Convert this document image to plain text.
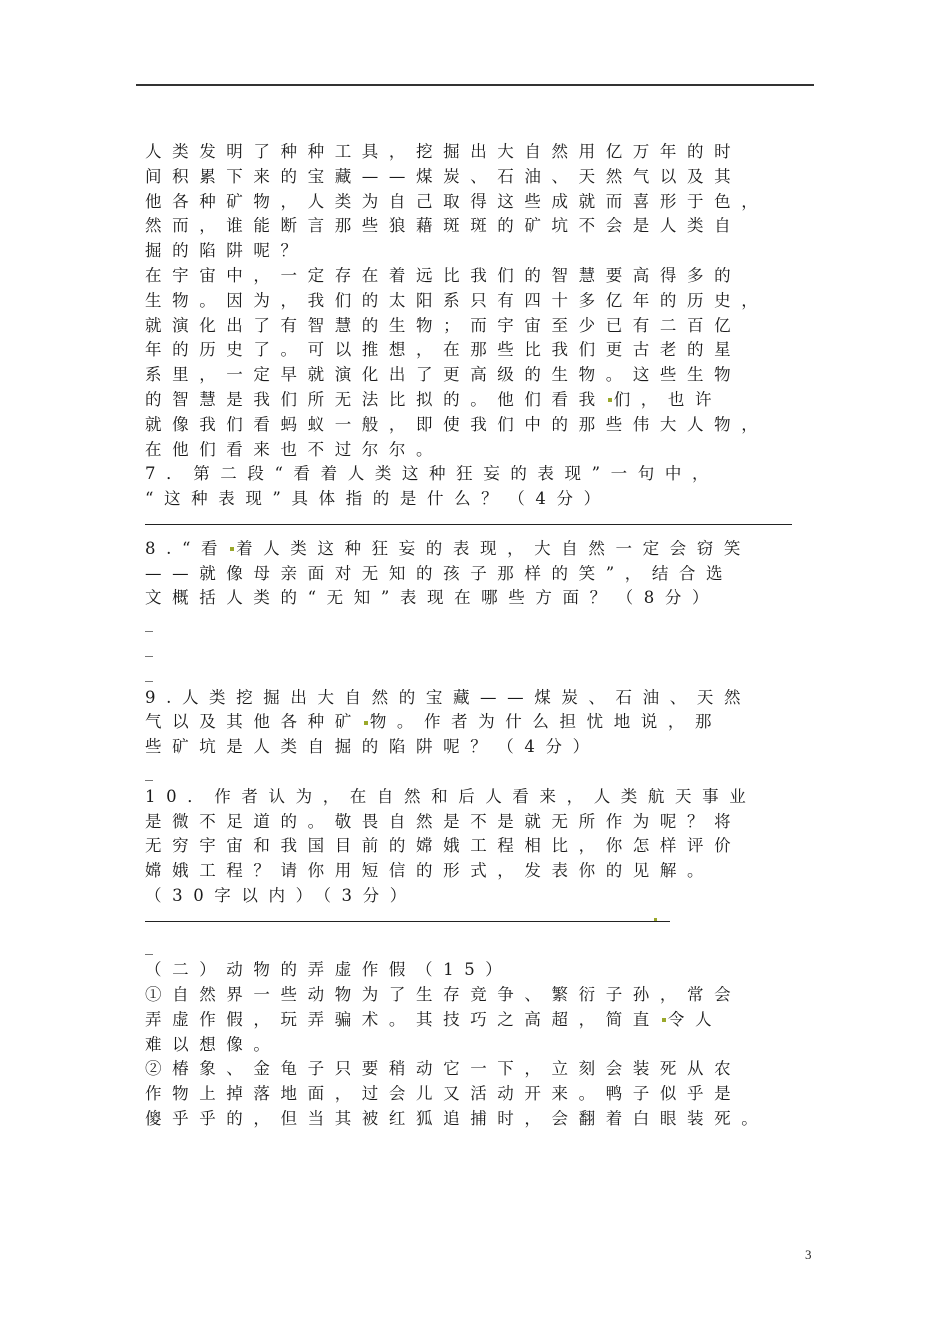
人类发明了种种工具，挖掘出大自然用亿万年的时
间积累下来的宝藏——煤炭、石油、天然气以及其
他各种矿物，人类为自己取得这些成就而喜形于色，
然而，谁能断言那些狼藉斑斑的矿坑不会是人类自
掘的陷阱呢？
在宇宙中，一定存在着远比我们的智慧要高得多的
生物。因为，我们的太阳系只有四十多亿年的历史，
就演化出了有智慧的生物；而宇宙至少已有二百亿
年的历史了。可以推想，在那些比我们更古老的星
系里，一定早就演化出了更高级的生物。这些生物
的智慧是我们所无法比拟的。他们看我 们，也许
就像我们看蚂蚁一般，即使我们中的那些伟大人物，
在他们看来也不过尔尔。
7．第二段“看着人类这种狂妄的表现”一句中，
“这种表现”具体指的是什么？（4分）
8.“看 着人类这种狂妄的表现，大自然一定会窃笑
——就像母亲面对无知的孩子那样的笑”，结合选
文概括人类的“无知”表现在哪些方面？（8分）
_
_
_
9.人类挖掘出大自然的宝藏——煤炭、石油、天然
气以及其他各种矿 物。作者为什么担忧地说，那
些矿坑是人类自掘的陷阱呢？（4分）
_
10．作者认为，在自然和后人看来，人类航天事业
是微不足道的。敬畏自然是不是就无所作为呢？将
无穷宇宙和我国目前的嫦娥工程相比，你怎样评价
嫦娥工程？请你用短信的形式，发表你的见解。
（30字以内）（3分）
_
（二）动物的弄虚作假（15）
①自然界一些动物为了生存竞争、繁衍子孙，常会
弄虚作假，玩弄骗术。其技巧之高超，简直 令人
难以想像。
②椿象、金龟子只要稍动它一下，立刻会装死从农
作物上掉落地面，过会儿又活动开来。鸭子似乎是
傻乎乎的，但当其被红狐追捕时，会翻着白眼装死。
3
